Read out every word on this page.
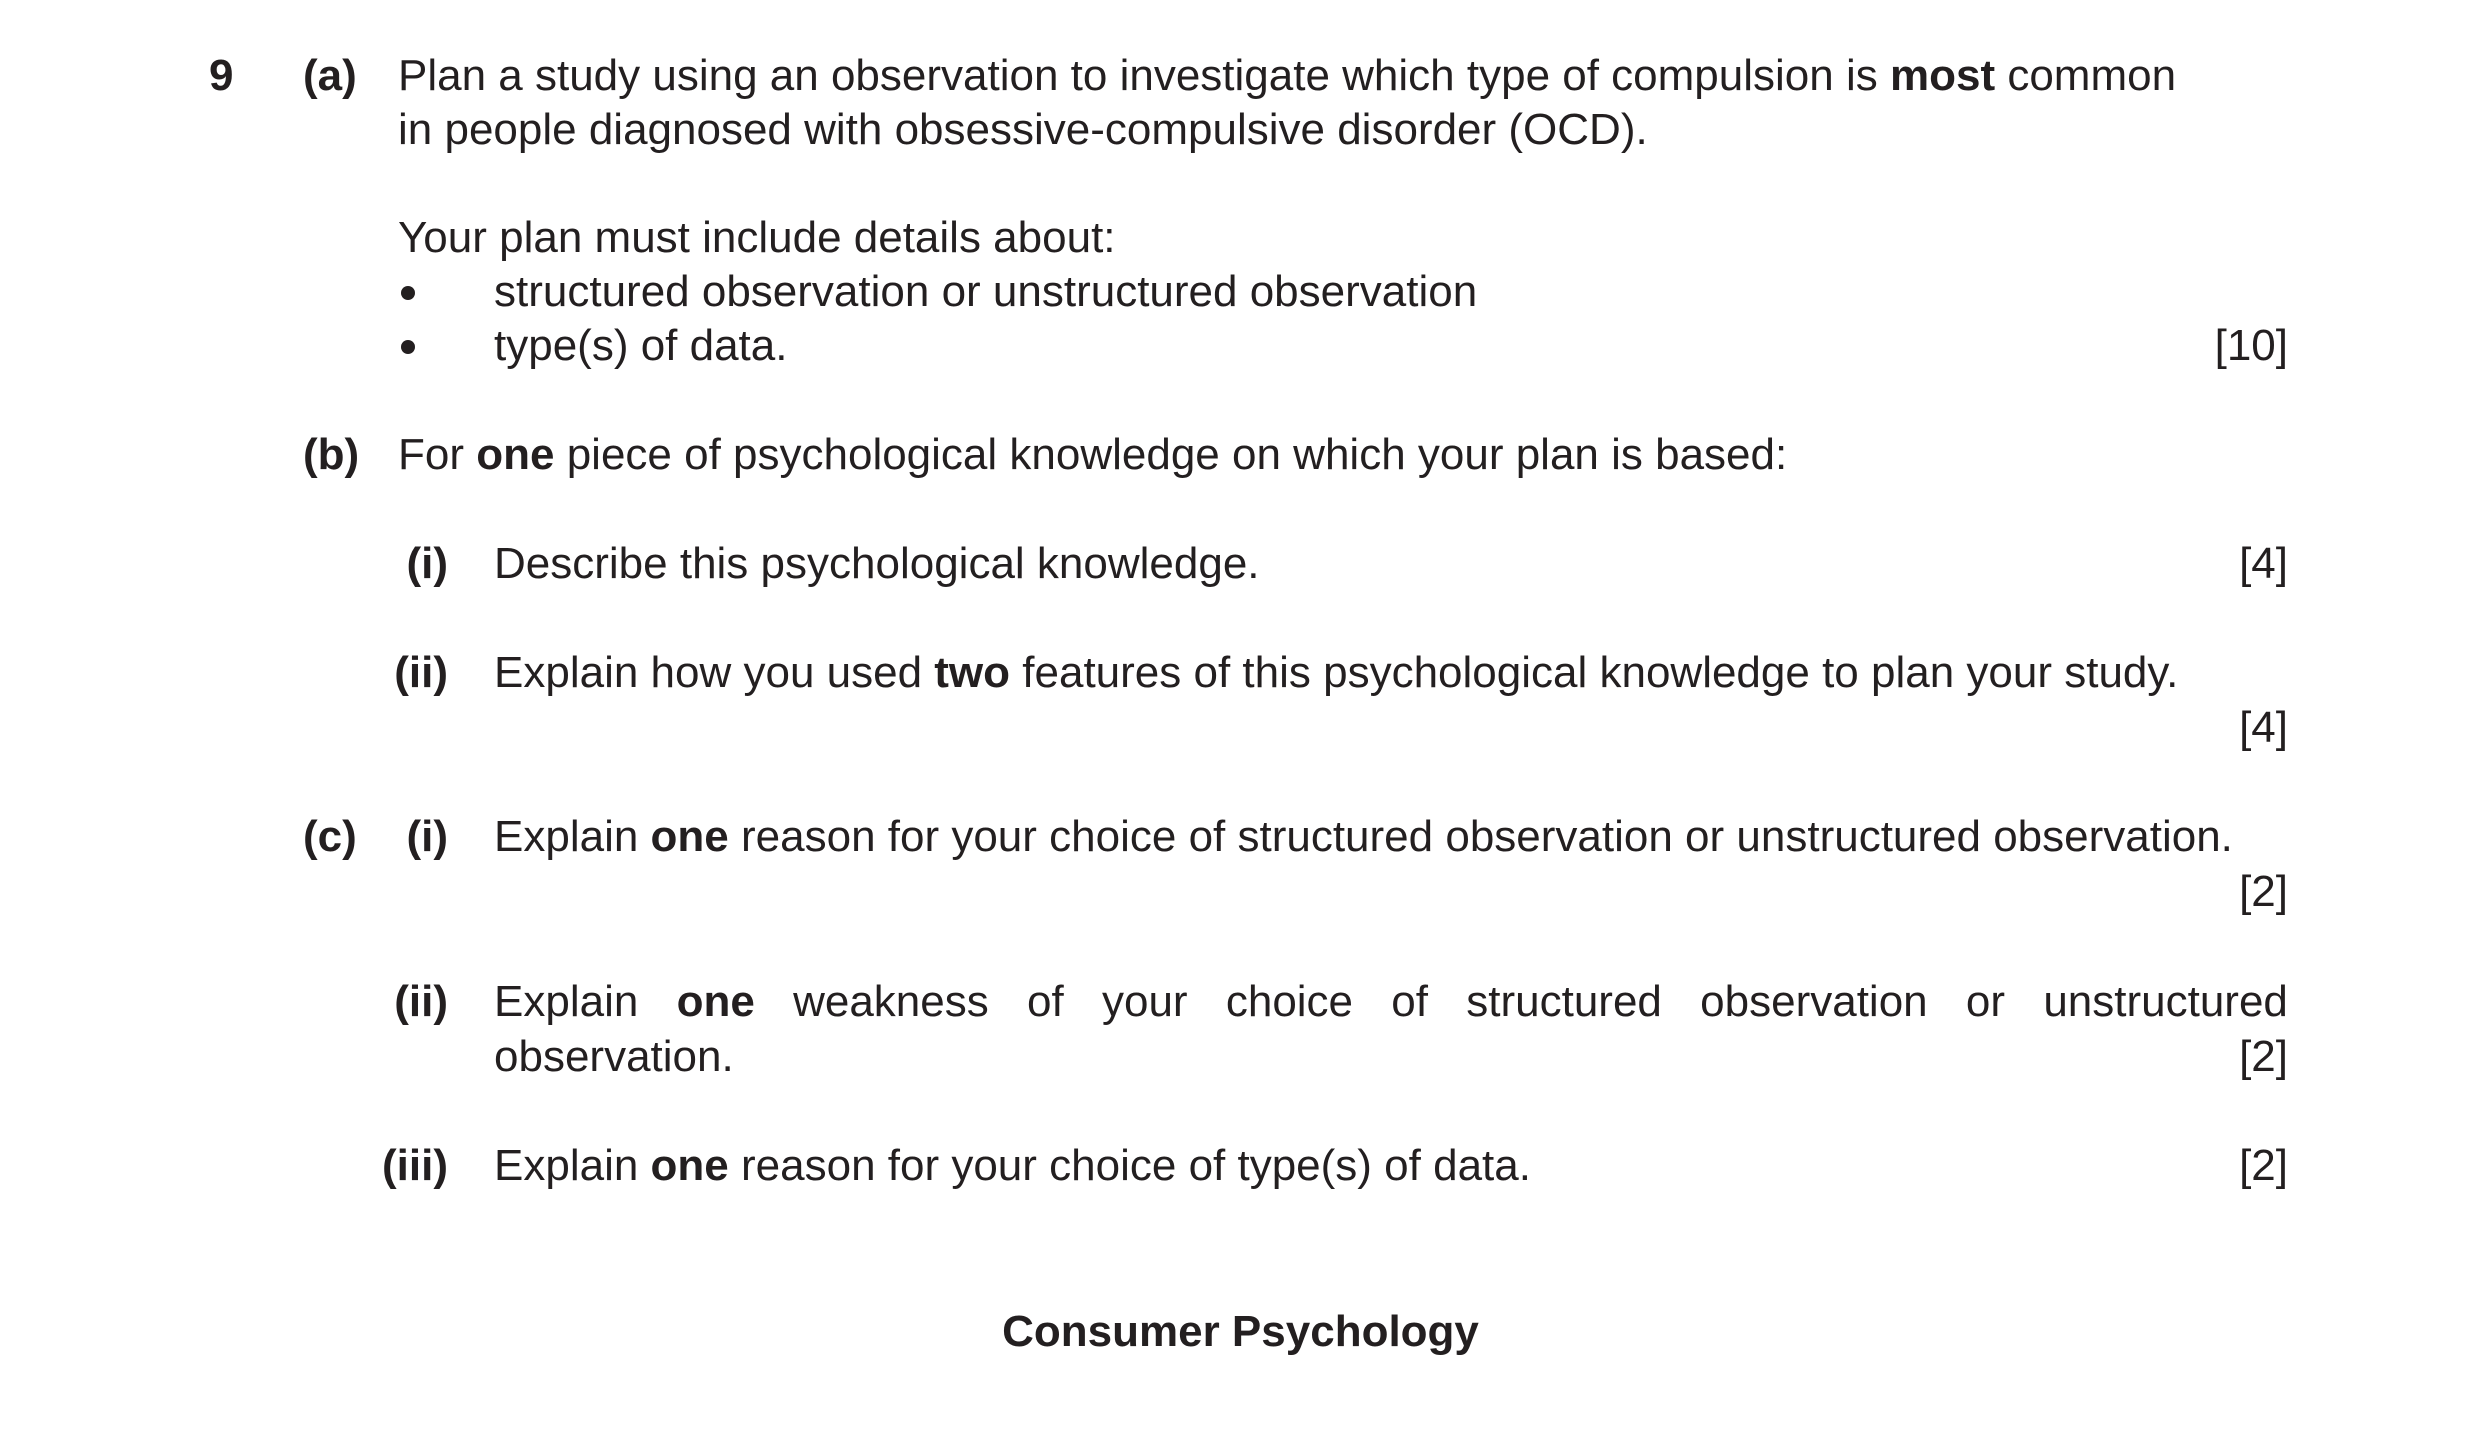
9 (a) Plan a study using an observation to investigate which type of compulsion is most common
in people diagnosed with obsessive-compulsive disorder (OCD).
Your plan must include details about:
structured observation or unstructured observation
type(s) of data.	[10]
(b) For one piece of psychological knowledge on which your plan is based:
(i) Describe this psychological knowledge.	[4]
(ii) Explain how you used two features of this psychological knowledge to plan your study.
[4]
(c)	(i) Explain one reason for your choice of structured observation or unstructured observation.
[2]
(ii) Explain one weakness of your choice of structured observation or unstructured
observation.	[2]
(iii) Explain one reason for your choice of type(s) of data.	[2]
Consumer Psychology
